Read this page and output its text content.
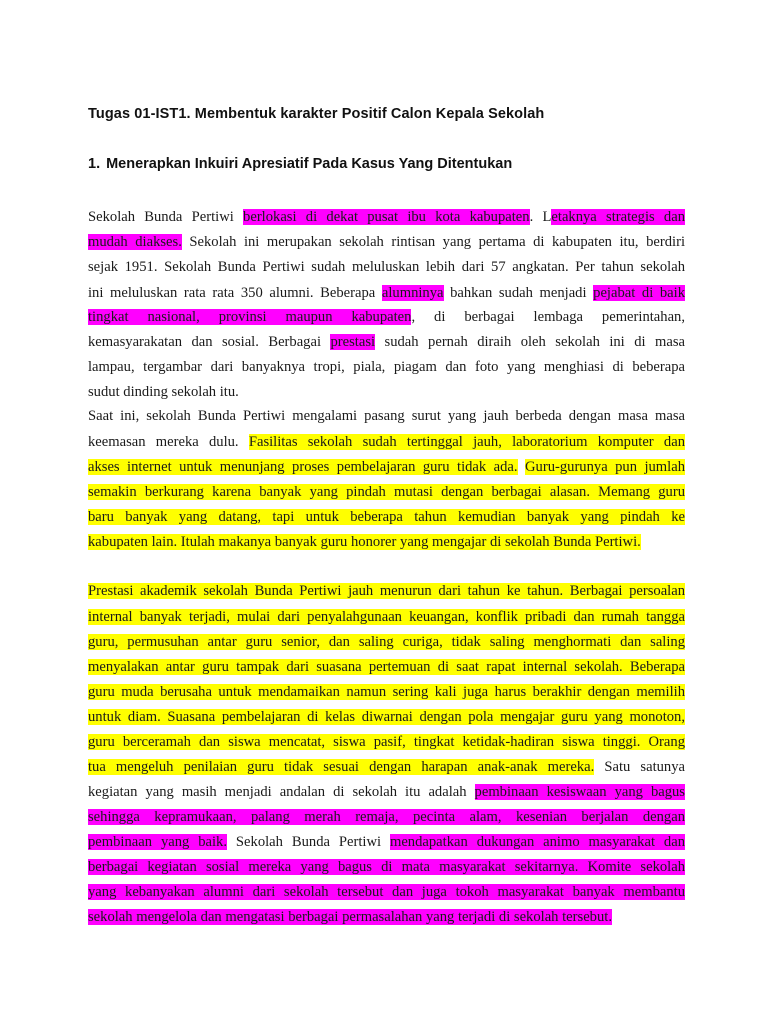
Tugas 01-IST1. Membentuk karakter Positif Calon Kepala Sekolah
1. Menerapkan Inkuiri Apresiatif Pada Kasus Yang Ditentukan
Sekolah Bunda Pertiwi berlokasi di dekat pusat ibu kota kabupaten. Letaknya strategis dan
mudah diakses. Sekolah ini merupakan sekolah rintisan yang pertama di kabupaten itu, berdiri
sejak 1951. Sekolah Bunda Pertiwi sudah meluluskan lebih dari 57 angkatan. Per tahun sekolah
ini meluluskan rata rata 350 alumni. Beberapa alumninya bahkan sudah menjadi pejabat di baik
tingkat nasional, provinsi maupun kabupaten, di berbagai lembaga pemerintahan,
kemasyarakatan dan sosial. Berbagai prestasi sudah pernah diraih oleh sekolah ini di masa
lampau, tergambar dari banyaknya tropi, piala, piagam dan foto yang menghiasi di beberapa
sudut dinding sekolah itu.
Saat ini, sekolah Bunda Pertiwi mengalami pasang surut yang jauh berbeda dengan masa masa
keemasan mereka dulu. Fasilitas sekolah sudah tertinggal jauh, laboratorium komputer dan
akses internet untuk menunjang proses pembelajaran guru tidak ada. Guru-gurunya pun jumlah
semakin berkurang karena banyak yang pindah mutasi dengan berbagai alasan. Memang guru
baru banyak yang datang, tapi untuk beberapa tahun kemudian banyak yang pindah ke
kabupaten lain. Itulah makanya banyak guru honorer yang mengajar di sekolah Bunda Pertiwi.
Prestasi akademik sekolah Bunda Pertiwi jauh menurun dari tahun ke tahun. Berbagai persoalan
internal banyak terjadi, mulai dari penyalahgunaan keuangan, konflik pribadi dan rumah tangga
guru, permusuhan antar guru senior, dan saling curiga, tidak saling menghormati dan saling
menyalakan antar guru tampak dari suasana pertemuan di saat rapat internal sekolah. Beberapa
guru muda berusaha untuk mendamaikan namun sering kali juga harus berakhir dengan memilih
untuk diam. Suasana pembelajaran di kelas diwarnai dengan pola mengajar guru yang monoton,
guru berceramah dan siswa mencatat, siswa pasif, tingkat ketidak-hadiran siswa tinggi. Orang
tua mengeluh penilaian guru tidak sesuai dengan harapan anak-anak mereka. Satu satunya
kegiatan yang masih menjadi andalan di sekolah itu adalah pembinaan kesiswaan yang bagus
sehingga kepramukaan, palang merah remaja, pecinta alam, kesenian berjalan dengan
pembinaan yang baik. Sekolah Bunda Pertiwi mendapatkan dukungan animo masyarakat dan
berbagai kegiatan sosial mereka yang bagus di mata masyarakat sekitarnya. Komite sekolah
yang kebanyakan alumni dari sekolah tersebut dan juga tokoh masyarakat banyak membantu
sekolah mengelola dan mengatasi berbagai permasalahan yang terjadi di sekolah tersebut.
